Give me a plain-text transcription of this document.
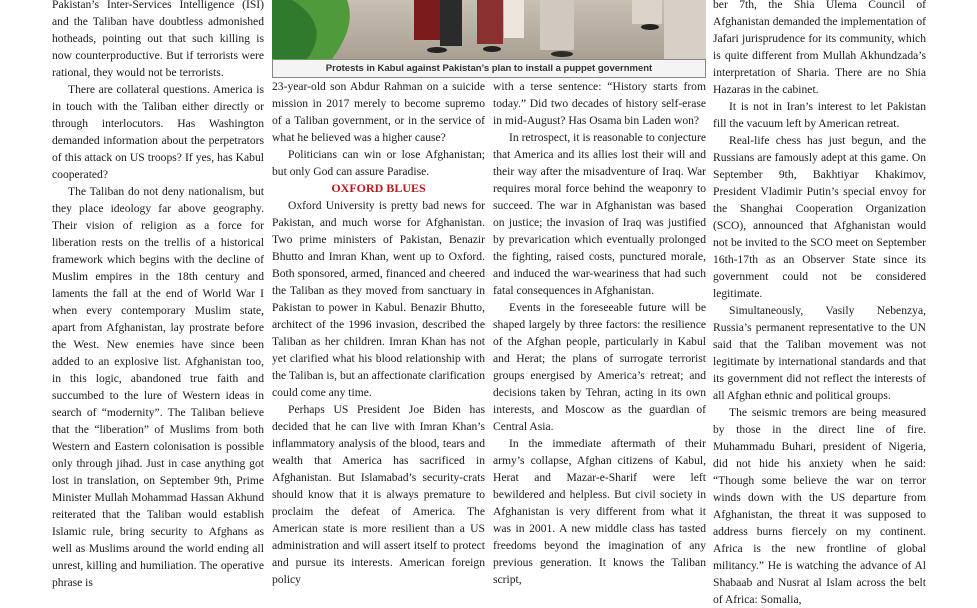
Protests in Kabul against Pakistan’s plan to install a puppet government

Pakistan’s Inter-Services Intelligence (ISI) and the Taliban have doubtless admonished hotheads, pointing out that such killing is now counterproductive. But if terrorists were rational, they would not be terrorists.

There are collateral questions. America is in touch with the Taliban either directly or through interlocutors. Has Washington demanded information about the perpetrators of this attack on US troops? If yes, has Kabul cooperated?

The Taliban do not deny nationalism, but they place ideology far above geography. Their vision of religion as a force for liberation rests on the trellis of a historical framework which begins with the decline of Muslim empires in the 18th century and laments the fall at the end of World War I when every contemporary Muslim state, apart from Afghanistan, lay prostrate before the West. New enemies have since been added to an explosive list. Afghanistan too, in this logic, abandoned true faith and succumbed to the lure of Western ideas in search of “modernity”. The Taliban believe that the “liberation” of Muslims from both Western and Eastern colonisation is possible only through jihad. Just in case anything got lost in translation, on September 9th, Prime Minister Mullah Mohammad Hassan Akhund reiterated that the Taliban would establish Islamic rule, bring security to Afghans as well as Muslims around the world ending all unrest, killing and humiliation. The operative phrase is

23-year-old son Abdur Rahman on a suicide mission in 2017 merely to become supremo of a Taliban government, or in the service of what he believed was a higher cause?

Politicians can win or lose Afghanistan; but only God can assure Paradise.

OXFORD BLUES

Oxford University is pretty bad news for Pakistan, and much worse for Afghanistan. Two prime ministers of Pakistan, Benazir Bhutto and Imran Khan, went up to Oxford. Both sponsored, armed, financed and cheered the Taliban as they moved from sanctuary in Pakistan to power in Kabul. Benazir Bhutto, architect of the 1996 invasion, described the Taliban as her children. Imran Khan has not yet clarified what his blood relationship with the Taliban is, but an affectionate clarification could come any time.

Perhaps US President Joe Biden has decided that he can live with Imran Khan’s inflammatory analysis of the blood, tears and wealth that America has sacrificed in Afghanistan. But Islamabad’s security-crats should know that it is always premature to proclaim the defeat of America. The American state is more resilient than a US administration and will assert itself to protect and pursue its interests. American foreign policy

with a terse sentence: “History starts from today.” Did two decades of history self-erase in mid-August? Has Osama bin Laden won?

In retrospect, it is reasonable to conjecture that America and its allies lost their will and their way after the misadventure of Iraq. War requires moral force behind the weaponry to succeed. The war in Afghanistan was based on justice; the invasion of Iraq was justified by prevarication which eventually prolonged the fighting, raised costs, punctured morale, and induced the war-weariness that had such fatal consequences in Afghanistan.

Events in the foreseeable future will be shaped largely by three factors: the resilience of the Afghan people, particularly in Kabul and Herat; the plans of surrogate terrorist groups energised by America’s retreat; and decisions taken by Tehran, acting in its own interests, and Moscow as the guardian of Central Asia.

In the immediate aftermath of their army’s collapse, Afghan citizens of Kabul, Herat and Mazar-e-Sharif were left bewildered and helpless. But civil society in Afghanistan is very different from what it was in 2001. A new middle class has tasted freedoms beyond the imagination of any previous generation. It knows the Taliban script,

ber 7th, the Shia Ulema Council of Afghanistan demanded the implementation of Jafari jurisprudence for its community, which is quite different from Mullah Akhundzada’s interpretation of Sharia. There are no Shia Hazaras in the cabinet.

It is not in Iran’s interest to let Pakistan fill the vacuum left by American retreat.

Real-life chess has just begun, and the Russians are famously adept at this game. On September 9th, Bakhtiyar Khakimov, President Vladimir Putin’s special envoy for the Shanghai Cooperation Organization (SCO), announced that Afghanistan would not be invited to the SCO meet on September 16th-17th as an Observer State since its government could not be considered legitimate.

Simultaneously, Vasily Nebenzya, Russia’s permanent representative to the UN said that the Taliban movement was not legitimate by international standards and that its government did not reflect the interests of all Afghan ethnic and political groups.

The seismic tremors are being measured by those in the direct line of fire. Muhammadu Buhari, president of Nigeria, did not hide his anxiety when he said: “Though some believe the war on terror winds down with the US departure from Afghanistan, the threat it was supposed to address burns fiercely on my continent. Africa is the new frontline of global militancy.” He is watching the advance of Al Shabaab and Nusrat al Islam across the belt of Africa: Somalia,
